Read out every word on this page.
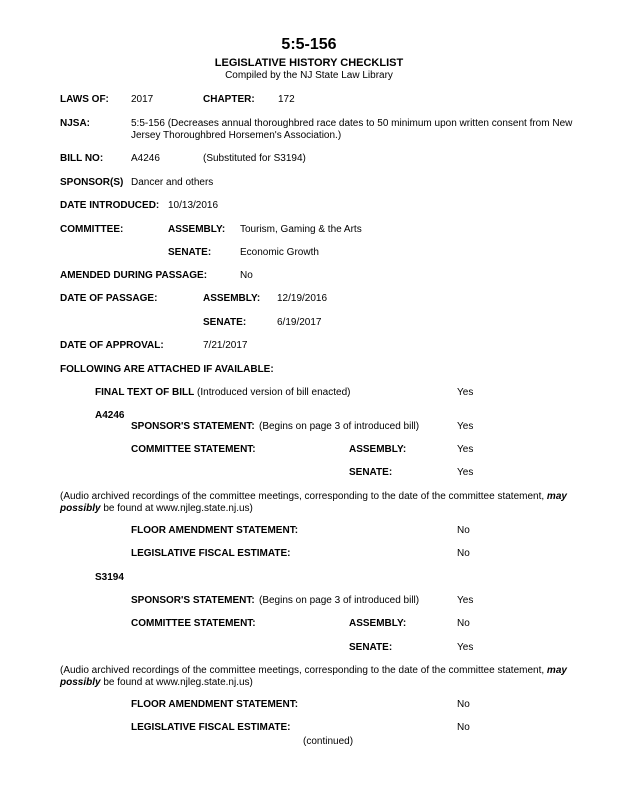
5:5-156
LEGISLATIVE HISTORY CHECKLIST
Compiled by the NJ State Law Library
LAWS OF: 2017	CHAPTER: 172
NJSA:	5:5-156 (Decreases annual thoroughbred race dates to 50 minimum upon written consent from New Jersey Thoroughbred Horsemen's Association.)
BILL NO:	A4246	(Substituted for S3194)
SPONSOR(S) Dancer and others
DATE INTRODUCED: 10/13/2016
COMMITTEE:	ASSEMBLY: Tourism, Gaming & the Arts
SENATE:	Economic Growth
AMENDED DURING PASSAGE:	No
DATE OF PASSAGE:	ASSEMBLY: 12/19/2016
SENATE:	6/19/2017
DATE OF APPROVAL:	7/21/2017
FOLLOWING ARE ATTACHED IF AVAILABLE:
FINAL TEXT OF BILL (Introduced version of bill enacted)	Yes
A4246
SPONSOR'S STATEMENT: (Begins on page 3 of introduced bill)	Yes
COMMITTEE STATEMENT:	ASSEMBLY:	Yes
SENATE:	Yes
(Audio archived recordings of the committee meetings, corresponding to the date of the committee statement, may possibly be found at www.njleg.state.nj.us)
FLOOR AMENDMENT STATEMENT:	No
LEGISLATIVE FISCAL ESTIMATE:	No
S3194
SPONSOR'S STATEMENT: (Begins on page 3 of introduced bill)	Yes
COMMITTEE STATEMENT:	ASSEMBLY:	No
SENATE:	Yes
(Audio archived recordings of the committee meetings, corresponding to the date of the committee statement, may possibly be found at www.njleg.state.nj.us)
FLOOR AMENDMENT STATEMENT:	No
LEGISLATIVE FISCAL ESTIMATE:	No
(continued)
